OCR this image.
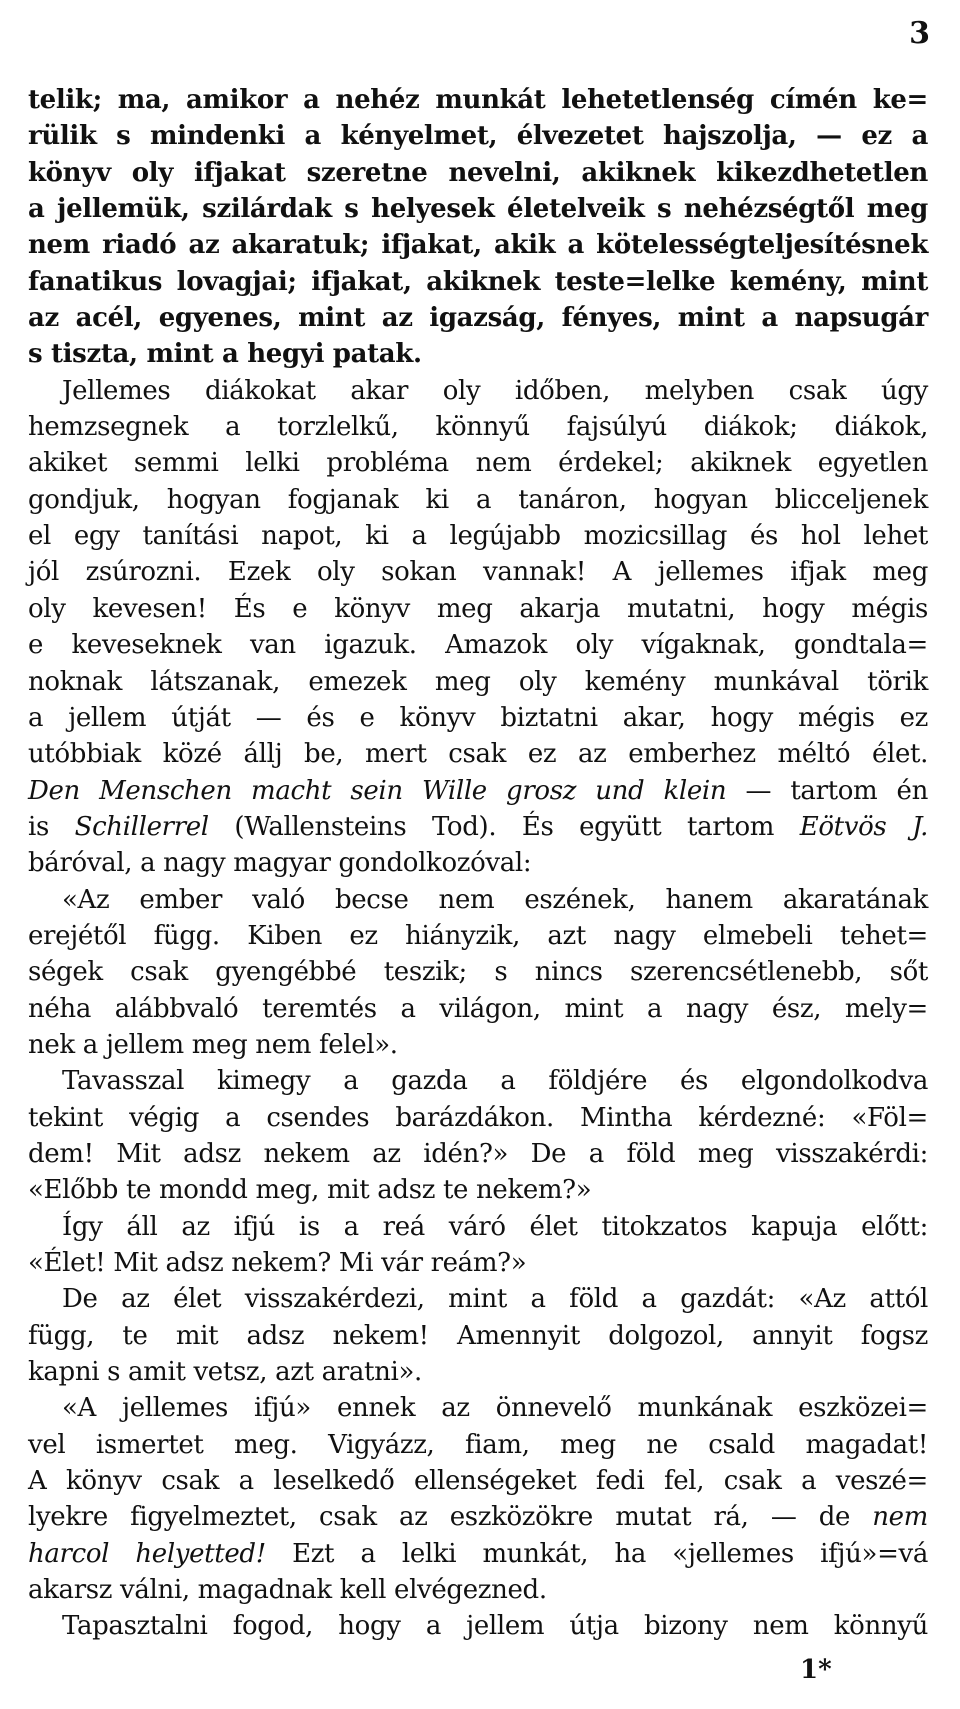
3
telik; ma, amikor a nehéz munkát lehetetlenség címén ke=
rülik s mindenki a kényelmet, élvezetet hajszolja, — ez a
könyv oly ifjakat szeretne nevelni, akiknek kikezdhetetlen
a jellemük, szilárdak s helyesek életelveik s nehézségtől meg
nem riadó az akaratuk; ifjakat, akik a kötelességteljesítésnek
fanatikus lovagjai; ifjakat, akiknek teste=lelke kemény, mint
az acél, egyenes, mint az igazság, fényes, mint a napsugár
s tiszta, mint a hegyi patak.
Jellemes diákokat akar oly időben, melyben csak úgy
hemzsegnek a torzlelkű, könnyű fajsúlyú diákok; diákok,
akiket semmi lelki probléma nem érdekel; akiknek egyetlen
gondjuk, hogyan fogjanak ki a tanáron, hogyan blicceljenek
el egy tanítási napot, ki a legújabb mozicsillag és hol lehet
jól zsúrozni. Ezek oly sokan vannak! A jellemes ifjak meg
oly kevesen! És e könyv meg akarja mutatni, hogy mégis
e keveseknek van igazuk. Amazok oly vígaknak, gondtala=
noknak látszanak, emezek meg oly kemény munkával törik
a jellem útját — és e könyv biztatni akar, hogy mégis ez
utóbbiak közé állj be, mert csak ez az emberhez méltó élet.
Den Menschen macht sein Wille grosz und klein — tartom én
is Schillerrel (Wallensteins Tod). És együtt tartom Eötvös J.
báróval, a nagy magyar gondolkozóval:
«Az ember való becse nem eszének, hanem akaratának
erejétől függ. Kiben ez hiányzik, azt nagy elmebeli tehet=
ségek csak gyengébbé teszik; s nincs szerencsétlenebb, sőt
néha alábbvaló teremtés a világon, mint a nagy ész, mely=
nek a jellem meg nem felel».
Tavasszal kimegy a gazda a földjére és elgondolkodva
tekint végig a csendes barázdákon. Mintha kérdezné: «Föl=
dem! Mit adsz nekem az idén?» De a föld meg visszakérdi:
«Előbb te mondd meg, mit adsz te nekem?»
Így áll az ifjú is a reá váró élet titokzatos kapuja előtt:
«Élet! Mit adsz nekem? Mi vár reám?»
De az élet visszakérdezi, mint a föld a gazdát: «Az attól
függ, te mit adsz nekem! Amennyit dolgozol, annyit fogsz
kapni s amit vetsz, azt aratni».
«A jellemes ifjú» ennek az önnevelő munkának eszközei=
vel ismertet meg. Vigyázz, fiam, meg ne csald magadat!
A könyv csak a leselkedő ellenségeket fedi fel, csak a veszé=
lyekre figyelmeztet, csak az eszközökre mutat rá, — de nem
harcol helyetted! Ezt a lelki munkát, ha «jellemes ifjú»=vá
akarsz válni, magadnak kell elvégezned.
Tapasztalni fogod, hogy a jellem útja bizony nem könnyű
1*
